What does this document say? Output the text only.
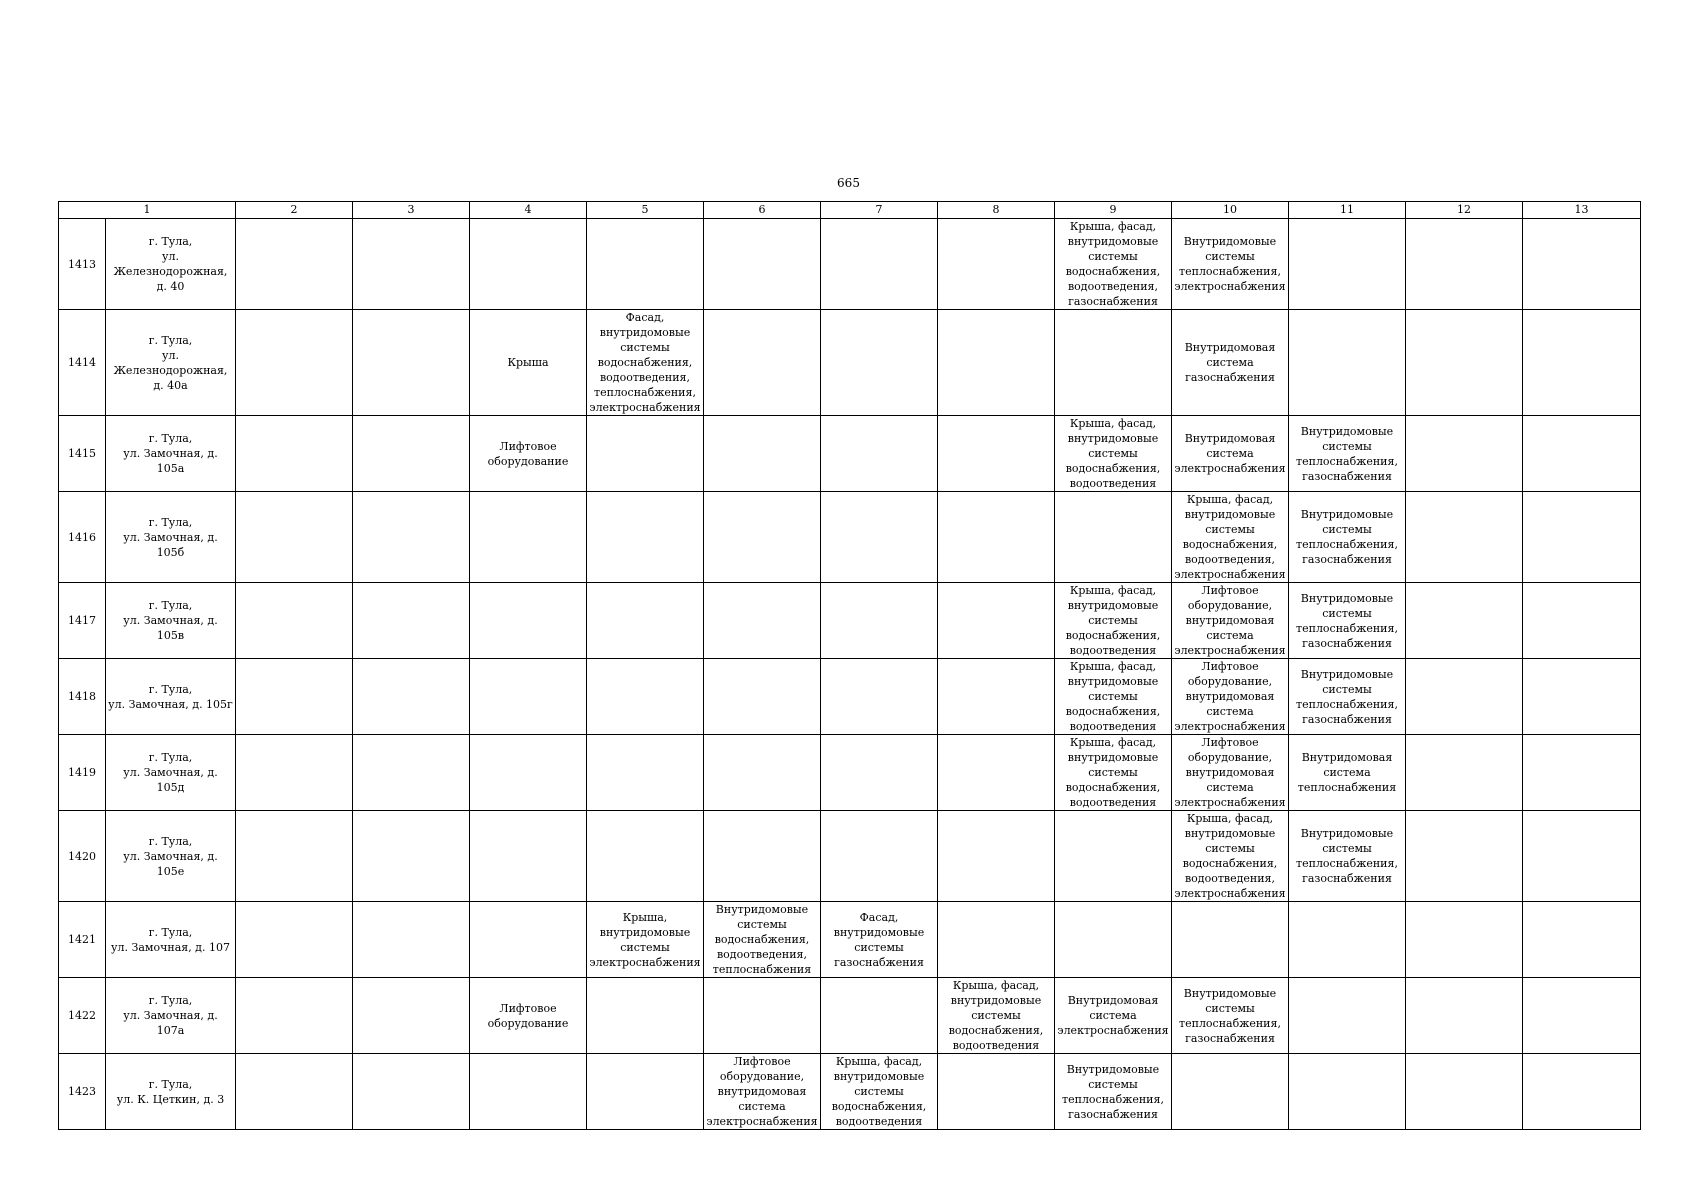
665
1		2	3	4	5	6	7	8	9	10	11	12	13
1413	г. Тула,
ул. Железнодорожная,
д. 40								Крыша, фасад, внутридомовые системы водоснабжения, водоотведения, газоснабжения	Внутридомовые системы теплоснабжения, электроснабжения			

1414	г. Тула,
ул. Железнодорожная,
д. 40а			Крыша	Фасад, внутридомовые системы водоснабжения, водоотведения, теплоснабжения, электроснабжения					Внутридомовая система газоснабжения			

1415	г. Тула,
ул. Замочная, д. 105а			Лифтовое оборудование					Крыша, фасад, внутридомовые системы водоснабжения, водоотведения	Внутридомовая система электроснабжения	Внутридомовые системы теплоснабжения, газоснабжения		

1416	г. Тула,
ул. Замочная, д. 105б									Крыша, фасад, внутридомовые системы водоснабжения, водоотведения, электроснабжения	Внутридомовые системы теплоснабжения, газоснабжения		

1417	г. Тула,
ул. Замочная, д. 105в								Крыша, фасад, внутридомовые системы водоснабжения, водоотведения	Лифтовое оборудование, внутридомовая система электроснабжения	Внутридомовые системы теплоснабжения, газоснабжения		

1418	г. Тула,
ул. Замочная, д. 105г								Крыша, фасад, внутридомовые системы водоснабжения, водоотведения	Лифтовое оборудование, внутридомовая система электроснабжения	Внутридомовые системы теплоснабжения, газоснабжения		

1419	г. Тула,
ул. Замочная, д. 105д								Крыша, фасад, внутридомовые системы водоснабжения, водоотведения	Лифтовое оборудование, внутридомовая система электроснабжения	Внутридомовая система теплоснабжения		

1420	г. Тула,
ул. Замочная, д. 105е									Крыша, фасад, внутридомовые системы водоснабжения, водоотведения, электроснабжения	Внутридомовые системы теплоснабжения, газоснабжения		

1421	г. Тула,
ул. Замочная, д. 107				Крыша, внутридомовые системы электроснабжения	Внутридомовые системы водоснабжения, водоотведения, теплоснабжения	Фасад, внутридомовые системы газоснабжения						

1422	г. Тула,
ул. Замочная, д. 107а			Лифтовое оборудование				Крыша, фасад, внутридомовые системы водоснабжения, водоотведения	Внутридомовая система электроснабжения	Внутридомовые системы теплоснабжения, газоснабжения			

1423	г. Тула,
ул. К. Цеткин, д. 3					Лифтовое оборудование, внутридомовая система электроснабжения	Крыша, фасад, внутридомовые системы водоснабжения, водоотведения		Внутридомовые системы теплоснабжения, газоснабжения				
